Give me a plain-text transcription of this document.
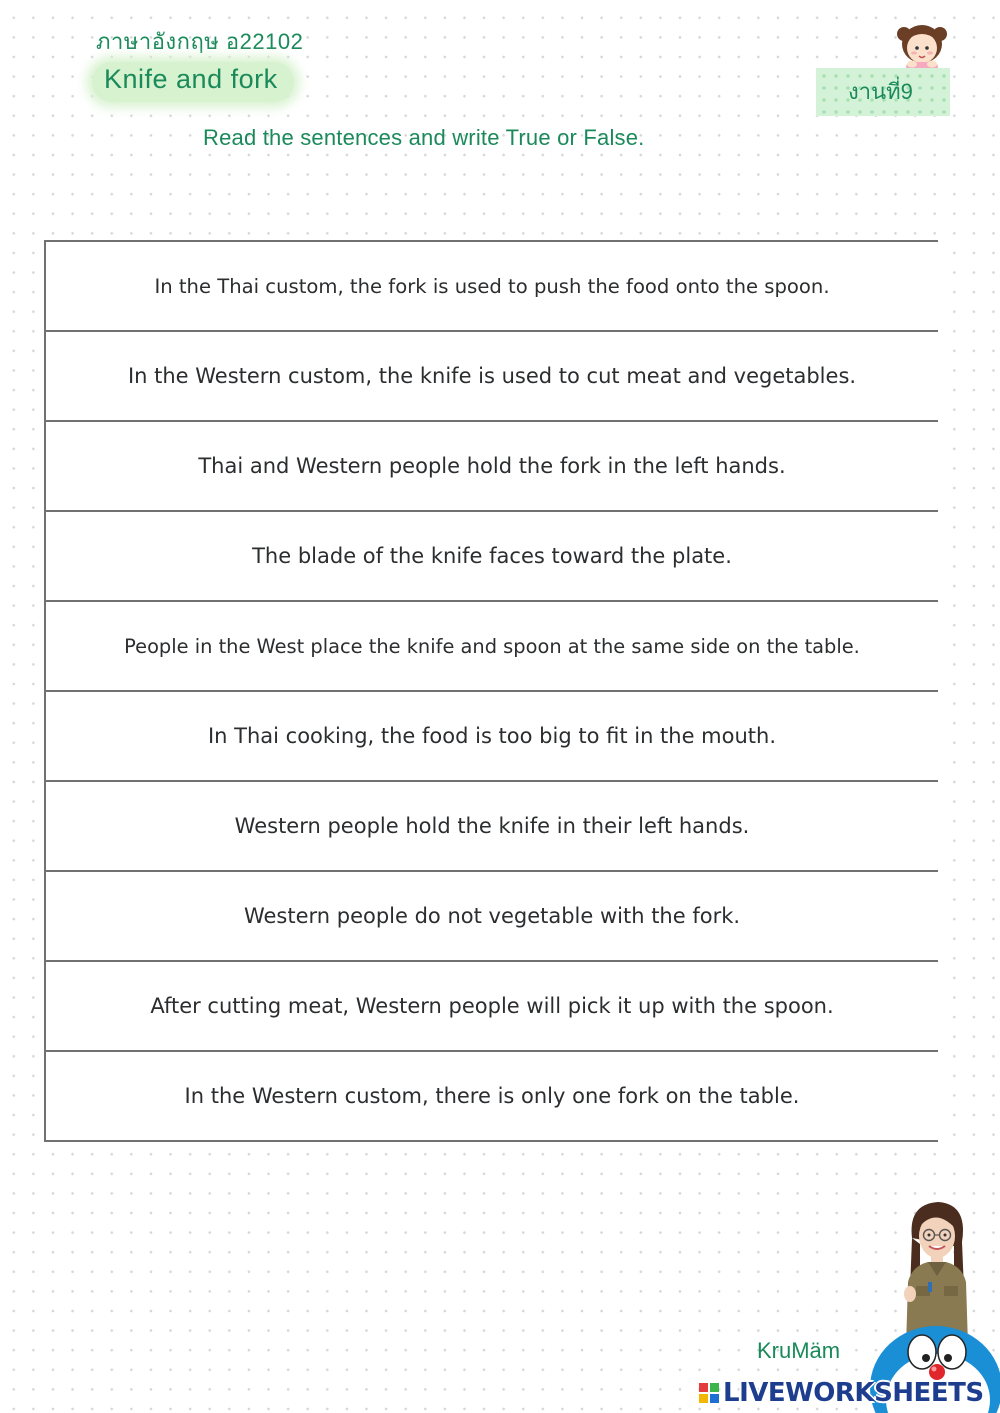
ภาษาอังกฤษ อ22102
Knife and fork	งานที่9
Read the sentences and write True or False.
In the Thai custom, the fork is used to push the food onto the spoon.
In the Western custom, the knife is used to cut meat and vegetables.
Thai and Western people hold the fork in the left hands.
The blade of the knife faces toward the plate.
People in the West place the knife and spoon at the same side on the table.
In Thai cooking, the food is too big to fit in the mouth.
Western people hold the knife in their left hands.
Western people do not vegetable with the fork.
After cutting meat, Western people will pick it up with the spoon.
In the Western custom, there is only one fork on the table.
KruMäm
LIVEWORKSHEETS
